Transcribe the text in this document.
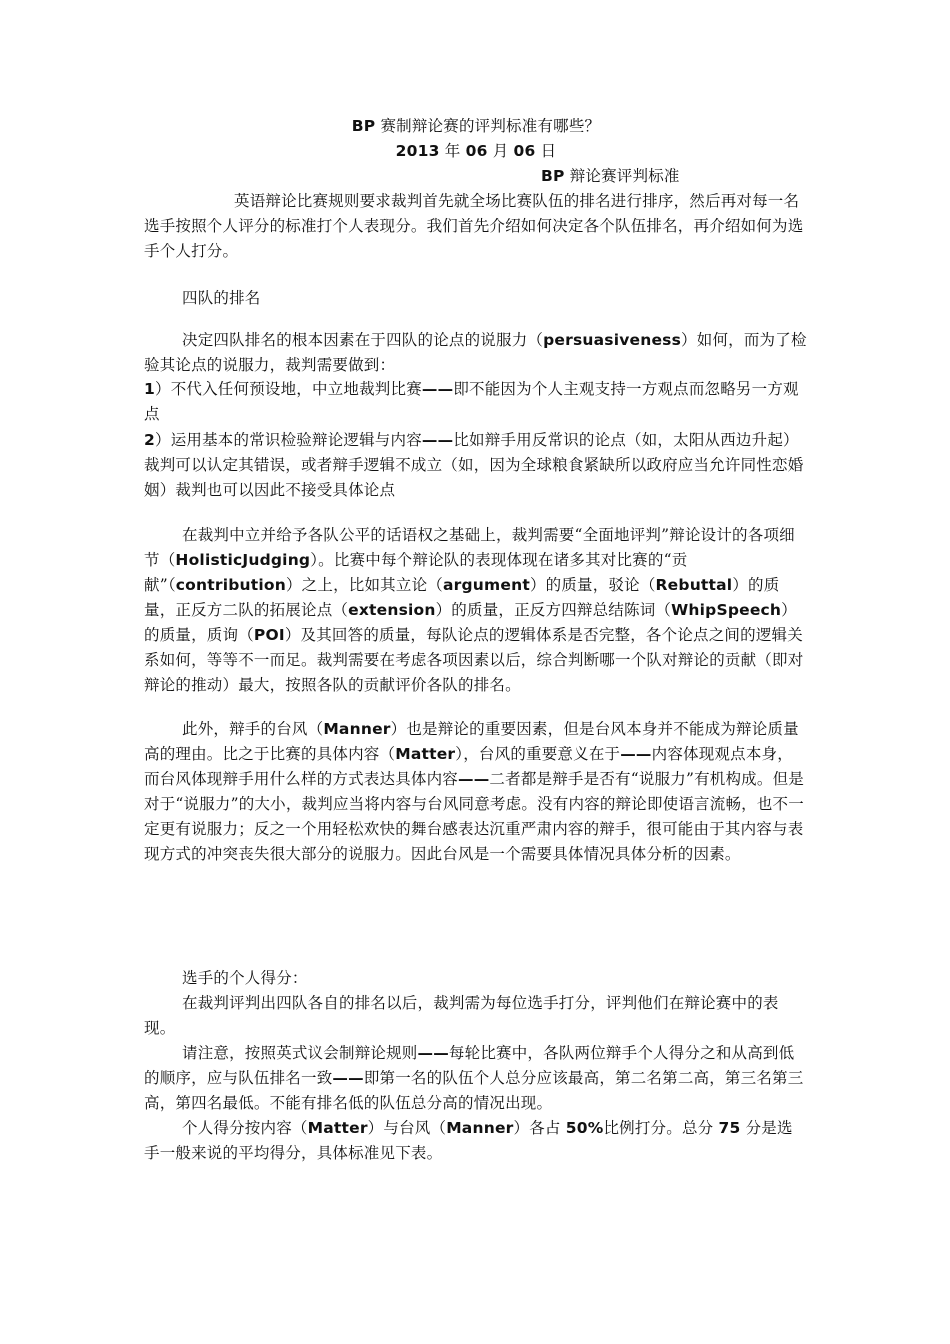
BP 赛制辩论赛的评判标准有哪些？

2013 年 06 月 06 日

BP 辩论赛评判标准

英语辩论比赛规则要求裁判首先就全场比赛队伍的排名进行排序，然后再对每一名选手按照个人评分的标准打个人表现分。我们首先介绍如何决定各个队伍排名，再介绍如何为选手个人打分。

四队的排名

决定四队排名的根本因素在于四队的论点的说服力（persuasiveness）如何，而为了检验其论点的说服力，裁判需要做到：

1）不代入任何预设地，中立地裁判比赛——即不能因为个人主观支持一方观点而忽略另一方观点

2）运用基本的常识检验辩论逻辑与内容——比如辩手用反常识的论点（如，太阳从西边升起）裁判可以认定其错误，或者辩手逻辑不成立（如，因为全球粮食紧缺所以政府应当允许同性恋婚姻）裁判也可以因此不接受具体论点

在裁判中立并给予各队公平的话语权之基础上，裁判需要“全面地评判”辩论设计的各项细节（HolisticJudging）。比赛中每个辩论队的表现体现在诸多其对比赛的“贡献”（contribution）之上，比如其立论（argument）的质量，驳论（Rebuttal）的质量，正反方二队的拓展论点（extension）的质量，正反方四辩总结陈词（WhipSpeech）的质量，质询（POI）及其回答的质量，每队论点的逻辑体系是否完整，各个论点之间的逻辑关系如何，等等不一而足。裁判需要在考虑各项因素以后，综合判断哪一个队对辩论的贡献（即对辩论的推动）最大，按照各队的贡献评价各队的排名。

此外，辩手的台风（Manner）也是辩论的重要因素，但是台风本身并不能成为辩论质量高的理由。比之于比赛的具体内容（Matter），台风的重要意义在于——内容体现观点本身，而台风体现辩手用什么样的方式表达具体内容——二者都是辩手是否有“说服力”有机构成。但是对于“说服力”的大小，裁判应当将内容与台风同意考虑。没有内容的辩论即使语言流畅，也不一定更有说服力；反之一个用轻松欢快的舞台感表达沉重严肃内容的辩手，很可能由于其内容与表现方式的冲突丧失很大部分的说服力。因此台风是一个需要具体情况具体分析的因素。

选手的个人得分：

在裁判评判出四队各自的排名以后，裁判需为每位选手打分，评判他们在辩论赛中的表现。

请注意，按照英式议会制辩论规则——每轮比赛中，各队两位辩手个人得分之和从高到低的顺序，应与队伍排名一致——即第一名的队伍个人总分应该最高，第二名第二高，第三名第三高，第四名最低。不能有排名低的队伍总分高的情况出现。

个人得分按内容（Matter）与台风（Manner）各占 50%比例打分。总分 75 分是选手一般来说的平均得分，具体标准见下表。
